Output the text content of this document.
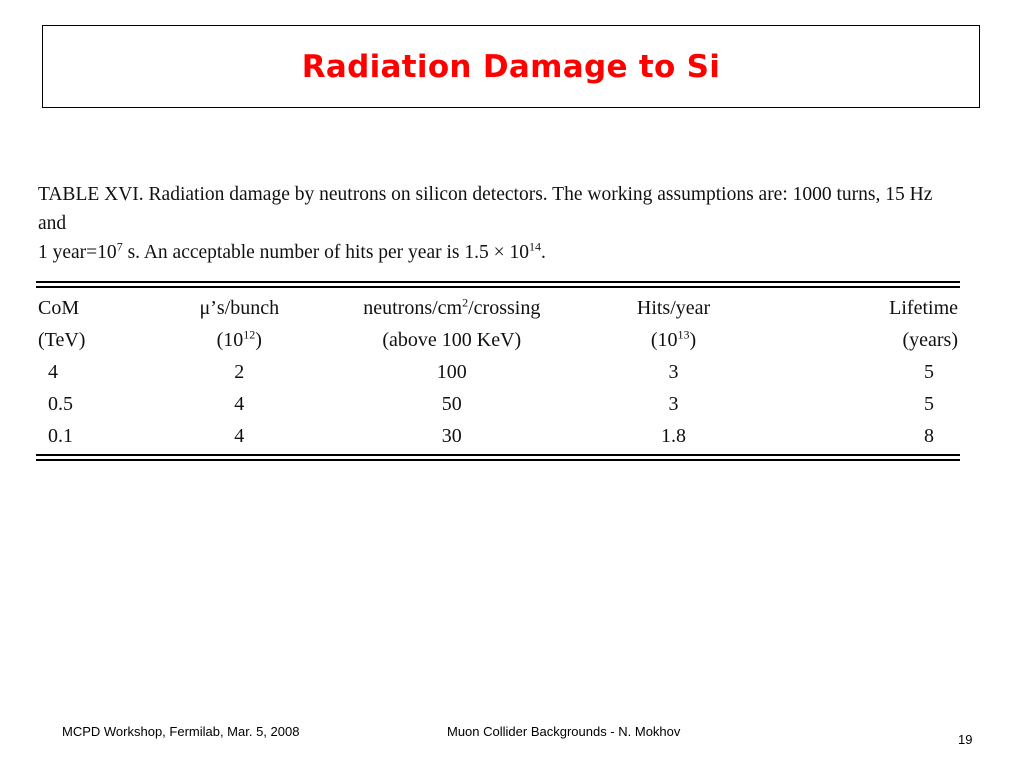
Radiation Damage to Si

TABLE XVI. Radiation damage by neutrons on silicon detectors. The working assumptions are: 1000 turns, 15 Hz and
1 $year=10^7$ s. An acceptable number of hits per year is $1.5 \times 10^{14}$.

CoM	μ’s/bunch	neutrons/$cm^2$/crossing	Hits/year	Lifetime
(TeV)	$(10^{12})$	(above 100 KeV)	$(10^{13})$	(years)
4	2	100	3	5
0.5	4	50	3	5
0.1	4	30	1.8	8
MCPD Workshop, Fermilab, Mar. 5, 2008	Muon Collider Backgrounds - N. Mokhov
19
